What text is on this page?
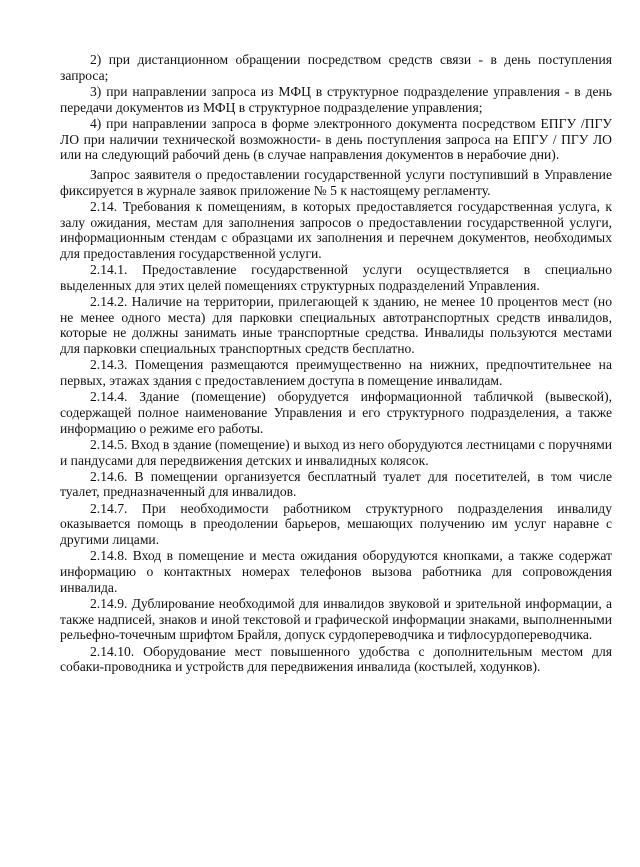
2) при дистанционном обращении посредством средств связи - в день поступления запроса;

3) при направлении запроса из МФЦ в структурное подразделение управления - в день передачи документов из МФЦ в структурное подразделение управления;

4) при направлении запроса в форме электронного документа посредством ЕПГУ /ПГУ ЛО при наличии технической возможности- в день поступления запроса на ЕПГУ / ПГУ ЛО или на следующий рабочий день (в случае направления документов в нерабочие дни).

Запрос заявителя о предоставлении государственной услуги поступивший в Управление фиксируется в журнале заявок приложение № 5 к настоящему регламенту.

2.14. Требования к помещениям, в которых предоставляется государственная услуга, к залу ожидания, местам для заполнения запросов о предоставлении государственной услуги, информационным стендам с образцами их заполнения и перечнем документов, необходимых для предоставления государственной услуги.

2.14.1. Предоставление государственной услуги осуществляется в специально выделенных для этих целей помещениях структурных подразделений Управления.

2.14.2. Наличие на территории, прилегающей к зданию, не менее 10 процентов мест (но не менее одного места) для парковки специальных автотранспортных средств инвалидов, которые не должны занимать иные транспортные средства. Инвалиды пользуются местами для парковки специальных транспортных средств бесплатно.

2.14.3. Помещения размещаются преимущественно на нижних, предпочтительнее на первых, этажах здания с предоставлением доступа в помещение инвалидам.

2.14.4. Здание (помещение) оборудуется информационной табличкой (вывеской), содержащей полное наименование Управления и его структурного подразделения, а также информацию о режиме его работы.

2.14.5. Вход в здание (помещение) и выход из него оборудуются лестницами с поручнями и пандусами для передвижения детских и инвалидных колясок.

2.14.6. В помещении организуется бесплатный туалет для посетителей, в том числе туалет, предназначенный для инвалидов.

2.14.7. При необходимости работником структурного подразделения инвалиду оказывается помощь в преодолении барьеров, мешающих получению им услуг наравне с другими лицами.

2.14.8. Вход в помещение и места ожидания оборудуются кнопками, а также содержат информацию о контактных номерах телефонов вызова работника для сопровождения инвалида.

2.14.9. Дублирование необходимой для инвалидов звуковой и зрительной информации, а также надписей, знаков и иной текстовой и графической информации знаками, выполненными рельефно-точечным шрифтом Брайля, допуск сурдопереводчика и тифлосурдопереводчика.

2.14.10. Оборудование мест повышенного удобства с дополнительным местом для собаки-проводника и устройств для передвижения инвалида (костылей, ходунков).
